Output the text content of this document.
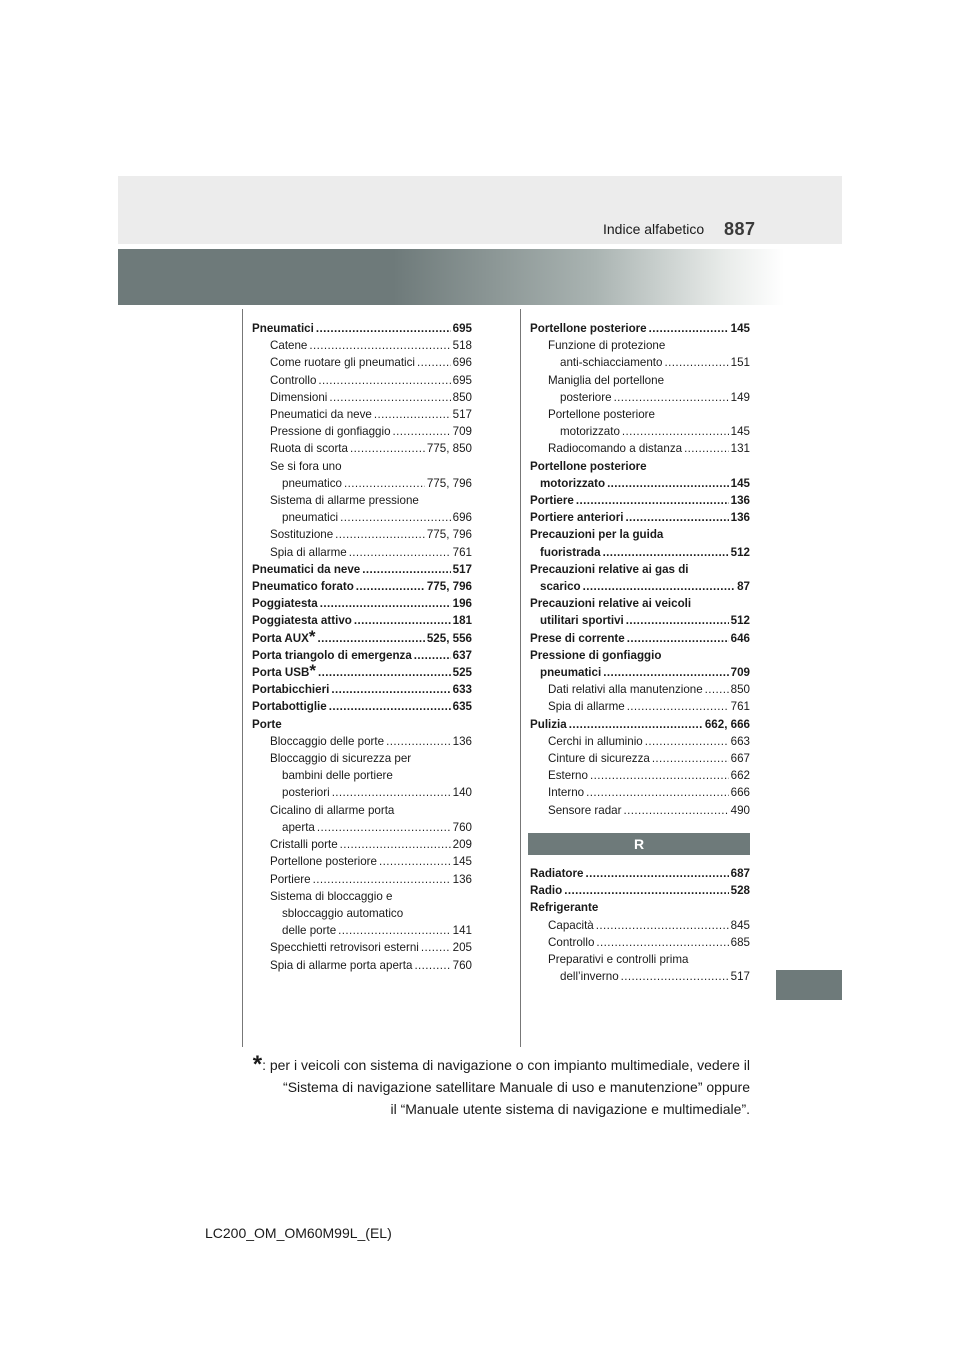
Indice alfabetico 887
Pneumatici .....	695
Catene .....	518
Come ruotare gli pneumatici .....	696
Controllo .....	695
Dimensioni .....	850
Pneumatici da neve .....	517
Pressione di gonfiaggio .....	709
Ruota di scorta .....	775, 850
Se si fora uno
pneumatico .....	775, 796
Sistema di allarme pressione
pneumatici .....	696
Sostituzione .....	775, 796
Spia di allarme .....	761
Pneumatici da neve .....	517
Pneumatico forato .....	775, 796
Poggiatesta .....	196
Poggiatesta attivo .....	181
Porta AUX * .....	525, 556
Porta triangolo di emergenza .....	637
Porta USB * .....	525
Portabicchieri .....	633
Portabottiglie .....	635
Porte
Bloccaggio delle porte .....	136
Bloccaggio di sicurezza per
bambini delle portiere
posteriori .....	140
Cicalino di allarme porta
aperta .....	760
Cristalli porte .....	209
Portellone posteriore .....	145
Portiere .....	136
Sistema di bloccaggio e
sbloccaggio automatico
delle porte .....	141
Specchietti retrovisori esterni .....	205
Spia di allarme porta aperta .....	760
Portellone posteriore .....	145
Funzione di protezione
anti-schiacciamento .....	151
Maniglia del portellone
posteriore .....	149
Portellone posteriore
motorizzato .....	145
Radiocomando a distanza .....	131
Portellone posteriore
motorizzato .....	145
Portiere .....	136
Portiere anteriori .....	136
Precauzioni per la guida
fuoristrada .....	512
Precauzioni relative ai gas di
scarico .....	87
Precauzioni relative ai veicoli
utilitari sportivi .....	512
Prese di corrente .....	646
Pressione di gonfiaggio
pneumatici .....	709
Dati relativi alla manutenzione ..... 850
Spia di allarme .....	761
Pulizia .....	662, 666
Cerchi in alluminio .....	663
Cinture di sicurezza .....	667
Esterno .....	662
Interno .....	666
Sensore radar .....	490
R
Radiatore .....	687
Radio .....	528
Refrigerante
Capacità .....	845
Controllo .....	685
Preparativi e controlli prima
dell’inverno .....	517
*: per i veicoli con sistema di navigazione o con impianto multimediale, vedere il
“Sistema di navigazione satellitare Manuale di uso e manutenzione” oppure
il “Manuale utente sistema di navigazione e multimediale”.
LC200_OM_OM60M99L_(EL)
